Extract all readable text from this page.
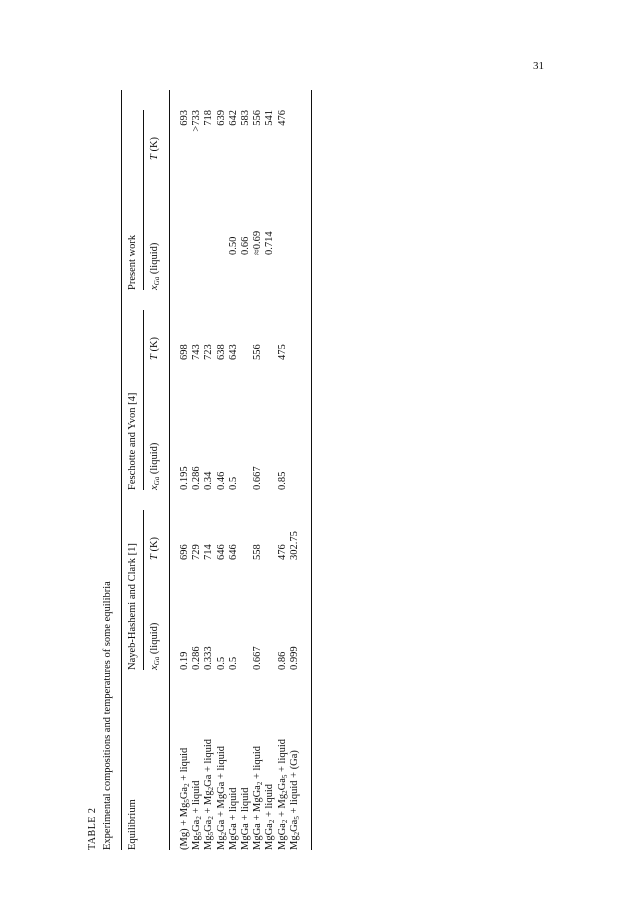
31
TABLE 2 Experimental compositions and temperatures of some equilibria Equilibrium
Nayeb-Hashemi and Clark [1]
Feschotte and Yvon [4]
Present work
$x_{Ga}$ (liquid)
T (K)
$x_{Ga}$ (liquid)
T (K)
$x_{Ga}$ (liquid)
T (K)
$(Mg) + Mg_5Ga_2$ + liquid
$Mg_5Ga_2$ + liquid
$Mg_5Ga_2 + Mg_2Ga$ + liquid
$Mg_2Ga$ + MgGa + liquid MgGa + liquid MgGa + liquid MgGa + MgGa$_2$ + liquid
MgGa$_2$ + liquid
MgGa$_2$ + $Mg_2Ga_5$ + liquid
$Mg_2Ga_5$ + liquid + (Ga)
0.19 0.286 0.333 0.5 0.5
0.667
0.86 0.999
696 729 714 646 646
558
476 302.75
0.195 0.286 0.34 0.46 0.5
0.667
0.85

698 743 723 638 643
556
475

0.50 0.66 ≈0.69 0.714

693 >733 718 639 642 583 556 541 476
